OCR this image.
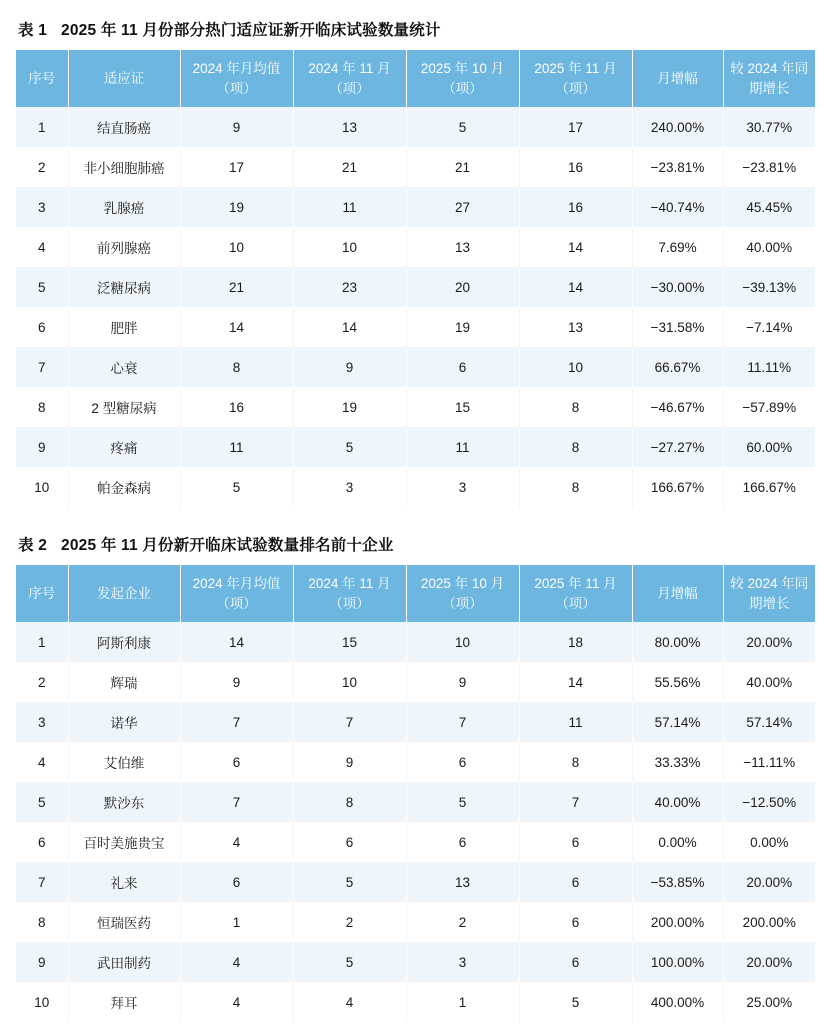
表 1 2025 年 11 月份部分热门适应证新开临床试验数量统计
序号	适应证	2024 年月均值（项）	2024 年 11 月（项）	2025 年 10 月（项）	2025 年 11 月（项）	月增幅	较 2024 年同期增长
1	结直肠癌	9	13	5	17	240.00%	30.77%
2	非小细胞肺癌	17	21	21	16	−23.81%	−23.81%
3	乳腺癌	19	11	27	16	−40.74%	45.45%
4	前列腺癌	10	10	13	14	7.69%	40.00%
5	泛糖尿病	21	23	20	14	−30.00%	−39.13%
6	肥胖	14	14	19	13	−31.58%	−7.14%
7	心衰	8	9	6	10	66.67%	11.11%
8	2 型糖尿病	16	19	15	8	−46.67%	−57.89%
9	疼痛	11	5	11	8	−27.27%	60.00%
10	帕金森病	5	3	3	8	166.67%	166.67%
表 2 2025 年 11 月份新开临床试验数量排名前十企业
序号	发起企业	2024 年月均值（项）	2024 年 11 月（项）	2025 年 10 月（项）	2025 年 11 月（项）	月增幅	较 2024 年同期增长
1	阿斯利康	14	15	10	18	80.00%	20.00%
2	辉瑞	9	10	9	14	55.56%	40.00%
3	诺华	7	7	7	11	57.14%	57.14%
4	艾伯维	6	9	6	8	33.33%	−11.11%
5	默沙东	7	8	5	7	40.00%	−12.50%
6	百时美施贵宝	4	6	6	6	0.00%	0.00%
7	礼来	6	5	13	6	−53.85%	20.00%
8	恒瑞医药	1	2	2	6	200.00%	200.00%
9	武田制药	4	5	3	6	100.00%	20.00%
10	拜耳	4	4	1	5	400.00%	25.00%
